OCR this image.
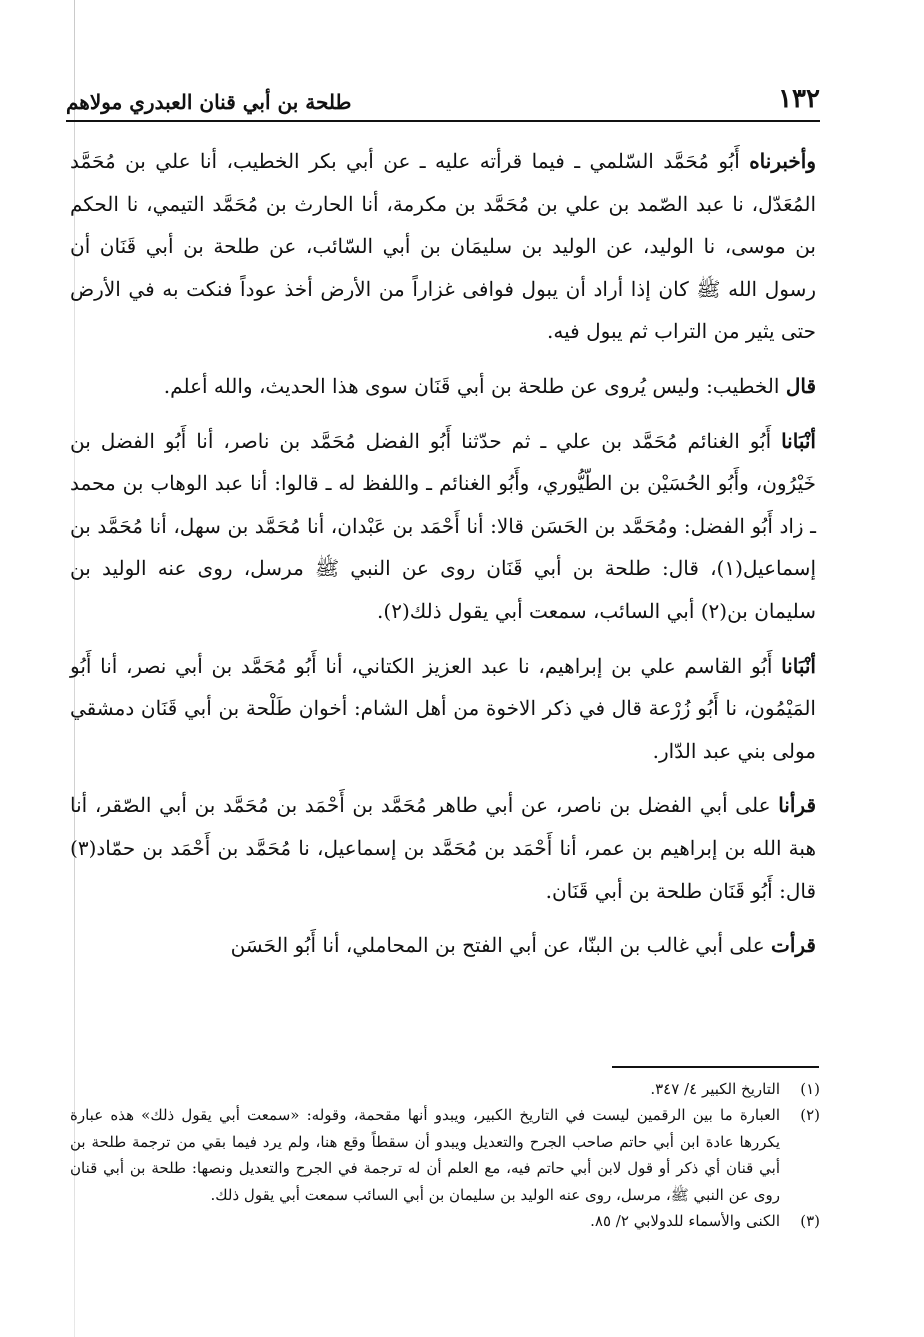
١٣٢
طلحة بن أبي قنان العبدري مولاهم

وأخبرناه أَبُو مُحَمَّد السّلمي ـ فيما قرأته عليه ـ عن أبي بكر الخطيب، أنا علي بن مُحَمَّد المُعَدّل، نا عبد الصّمد بن علي بن مُحَمَّد بن مكرمة، أنا الحارث بن مُحَمَّد التيمي، نا الحكم بن موسى، نا الوليد، عن الوليد بن سليمَان بن أبي السّائب، عن طلحة بن أبي قَنَان أن رسول الله ﷺ كان إذا أراد أن يبول فوافى غزاراً من الأرض أخذ عوداً فنكت به في الأرض حتى يثير من التراب ثم يبول فيه.

قال الخطيب: وليس يُروى عن طلحة بن أبي قَنَان سوى هذا الحديث، والله أعلم.

أنْبَانا أَبُو الغنائم مُحَمَّد بن علي ـ ثم حدّثنا أَبُو الفضل مُحَمَّد بن ناصر، أنا أَبُو الفضل بن خَيْرُون، وأَبُو الحُسَيْن بن الطّيُّوري، وأَبُو الغنائم ـ واللفظ له ـ قالوا: أنا عبد الوهاب بن محمد ـ زاد أَبُو الفضل: ومُحَمَّد بن الحَسَن قالا: أنا أَحْمَد بن عَبْدان، أنا مُحَمَّد بن سهل، أنا مُحَمَّد بن إسماعيل(١)، قال: طلحة بن أبي قَنَان روى عن النبي ﷺ مرسل، روى عنه الوليد بن سليمان بن(٢) أبي السائب، سمعت أبي يقول ذلك(٢).

أنْبَانا أَبُو القاسم علي بن إبراهيم، نا عبد العزيز الكتاني، أنا أَبُو مُحَمَّد بن أبي نصر، أنا أَبُو المَيْمُون، نا أَبُو زُرْعة قال في ذكر الاخوة من أهل الشام: أخوان طَلْحة بن أبي قَنَان دمشقي مولى بني عبد الدّار.

قرأنا على أبي الفضل بن ناصر، عن أبي طاهر مُحَمَّد بن أَحْمَد بن مُحَمَّد بن أبي الصّقر، أنا هبة الله بن إبراهيم بن عمر، أنا أَحْمَد بن مُحَمَّد بن إسماعيل، نا مُحَمَّد بن أَحْمَد بن حمّاد(٣) قال: أَبُو قَنَان طلحة بن أبي قَنَان.

قرأت على أبي غالب بن البنّا، عن أبي الفتح بن المحاملي، أنا أَبُو الحَسَن

(١)
التاريخ الكبير ٤/ ٣٤٧.

(٢)
العبارة ما بين الرقمين ليست في التاريخ الكبير، ويبدو أنها مقحمة، وقوله: «سمعت أبي يقول ذلك» هذه عبارة يكررها عادة ابن أبي حاتم صاحب الجرح والتعديل ويبدو أن سقطاً وقع هنا، ولم يرد فيما بقي من ترجمة طلحة بن أبي قنان أي ذكر أو قول لابن أبي حاتم فيه، مع العلم أن له ترجمة في الجرح والتعديل ونصها: طلحة بن أبي قنان روى عن النبي ﷺ، مرسل، روى عنه الوليد بن سليمان بن أبي السائب سمعت أبي يقول ذلك.

(٣)
الكنى والأسماء للدولابي ٢/ ٨٥.
